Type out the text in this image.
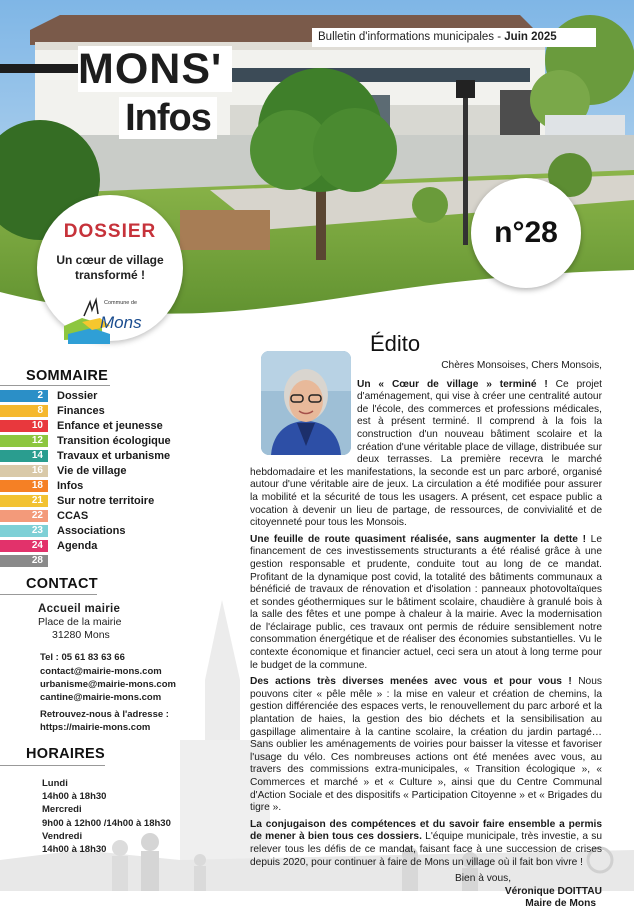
Bulletin d'informations municipales - Juin 2025
MONS'
Infos
DOSSIER
Un cœur de village
transformé !
n°28
Commune de
Mons
SOMMAIRE
2	Dossier
8	Finances
10	Enfance et jeunesse
12	Transition écologique
14	Travaux et urbanisme
16	Vie de village
18	Infos
21	Sur notre territoire
22	CCAS
23	Associations
24	Agenda
28
CONTACT
Accueil mairie
Place de la mairie
31280 Mons
Tel : 05 61 83 63 66
contact@mairie-mons.com
urbanisme@mairie-mons.com
cantine@mairie-mons.com
Retrouvez-nous à l'adresse :
https://mairie-mons.com
HORAIRES
Lundi
14h00 à 18h30
Mercredi
9h00 à 12h00 /14h00 à 18h30
Vendredi
14h00 à 18h30
Édito

Chères Monsoises, Chers Monsois,

Un « Cœur de village » terminé ! Ce projet d'aménagement, qui vise à créer une centralité autour de l'école, des commerces et professions médicales, est à présent terminé. Il comprend à la fois la construction d'un nouveau bâtiment scolaire et la création d'une véritable place de village, distribuée sur deux terrasses. La première recevra le marché hebdomadaire et les manifestations, la seconde est un parc arboré, organisé autour d'une véritable aire de jeux. La circulation a été modifiée pour assurer la mobilité et la sécurité de tous les usagers. A présent, cet espace public a vocation à devenir un lieu de partage, de ressources, de convivialité et de citoyenneté pour tous les Monsois.

Une feuille de route quasiment réalisée, sans augmenter la dette ! Le financement de ces investissements structurants a été réalisé grâce à une gestion responsable et prudente, conduite tout au long de ce mandat. Profitant de la dynamique post covid, la totalité des bâtiments communaux a bénéficié de travaux de rénovation et d'isolation : panneaux photovoltaïques et sondes géothermiques sur le bâtiment scolaire, chaudière à granulé bois à la salle des fêtes et une pompe à chaleur à la mairie. Avec la modernisation de l'éclairage public, ces travaux ont permis de réduire sensiblement notre consommation énergétique et de réaliser des économies substantielles. Vu le contexte économique et financier actuel, ceci sera un atout à long terme pour le budget de la commune.

Des actions très diverses menées avec vous et pour vous ! Nous pouvons citer « pêle mêle » : la mise en valeur et création de chemins, la gestion différenciée des espaces verts, le renouvellement du parc arboré et la plantation de haies, la gestion des bio déchets et la sensibilisation au gaspillage alimentaire à la cantine scolaire, la création du jardin partagé… Sans oublier les aménagements de voiries pour baisser la vitesse et favoriser l'usage du vélo. Ces nombreuses actions ont été menées avec vous, au travers des commissions extra-municipales, « Transition écologique », « Commerces et marché » et « Culture », ainsi que du Centre Communal d'Action Sociale et des dispositifs « Participation Citoyenne » et « Brigades du tigre ».

La conjugaison des compétences et du savoir faire ensemble a permis de mener à bien tous ces dossiers. L'équipe municipale, très investie, a su relever tous les défis de ce mandat, faisant face à une succession de crises depuis 2020, pour continuer à faire de Mons un village où il fait bon vivre !

Bien à vous,

Véronique DOITTAU

Maire de Mons
